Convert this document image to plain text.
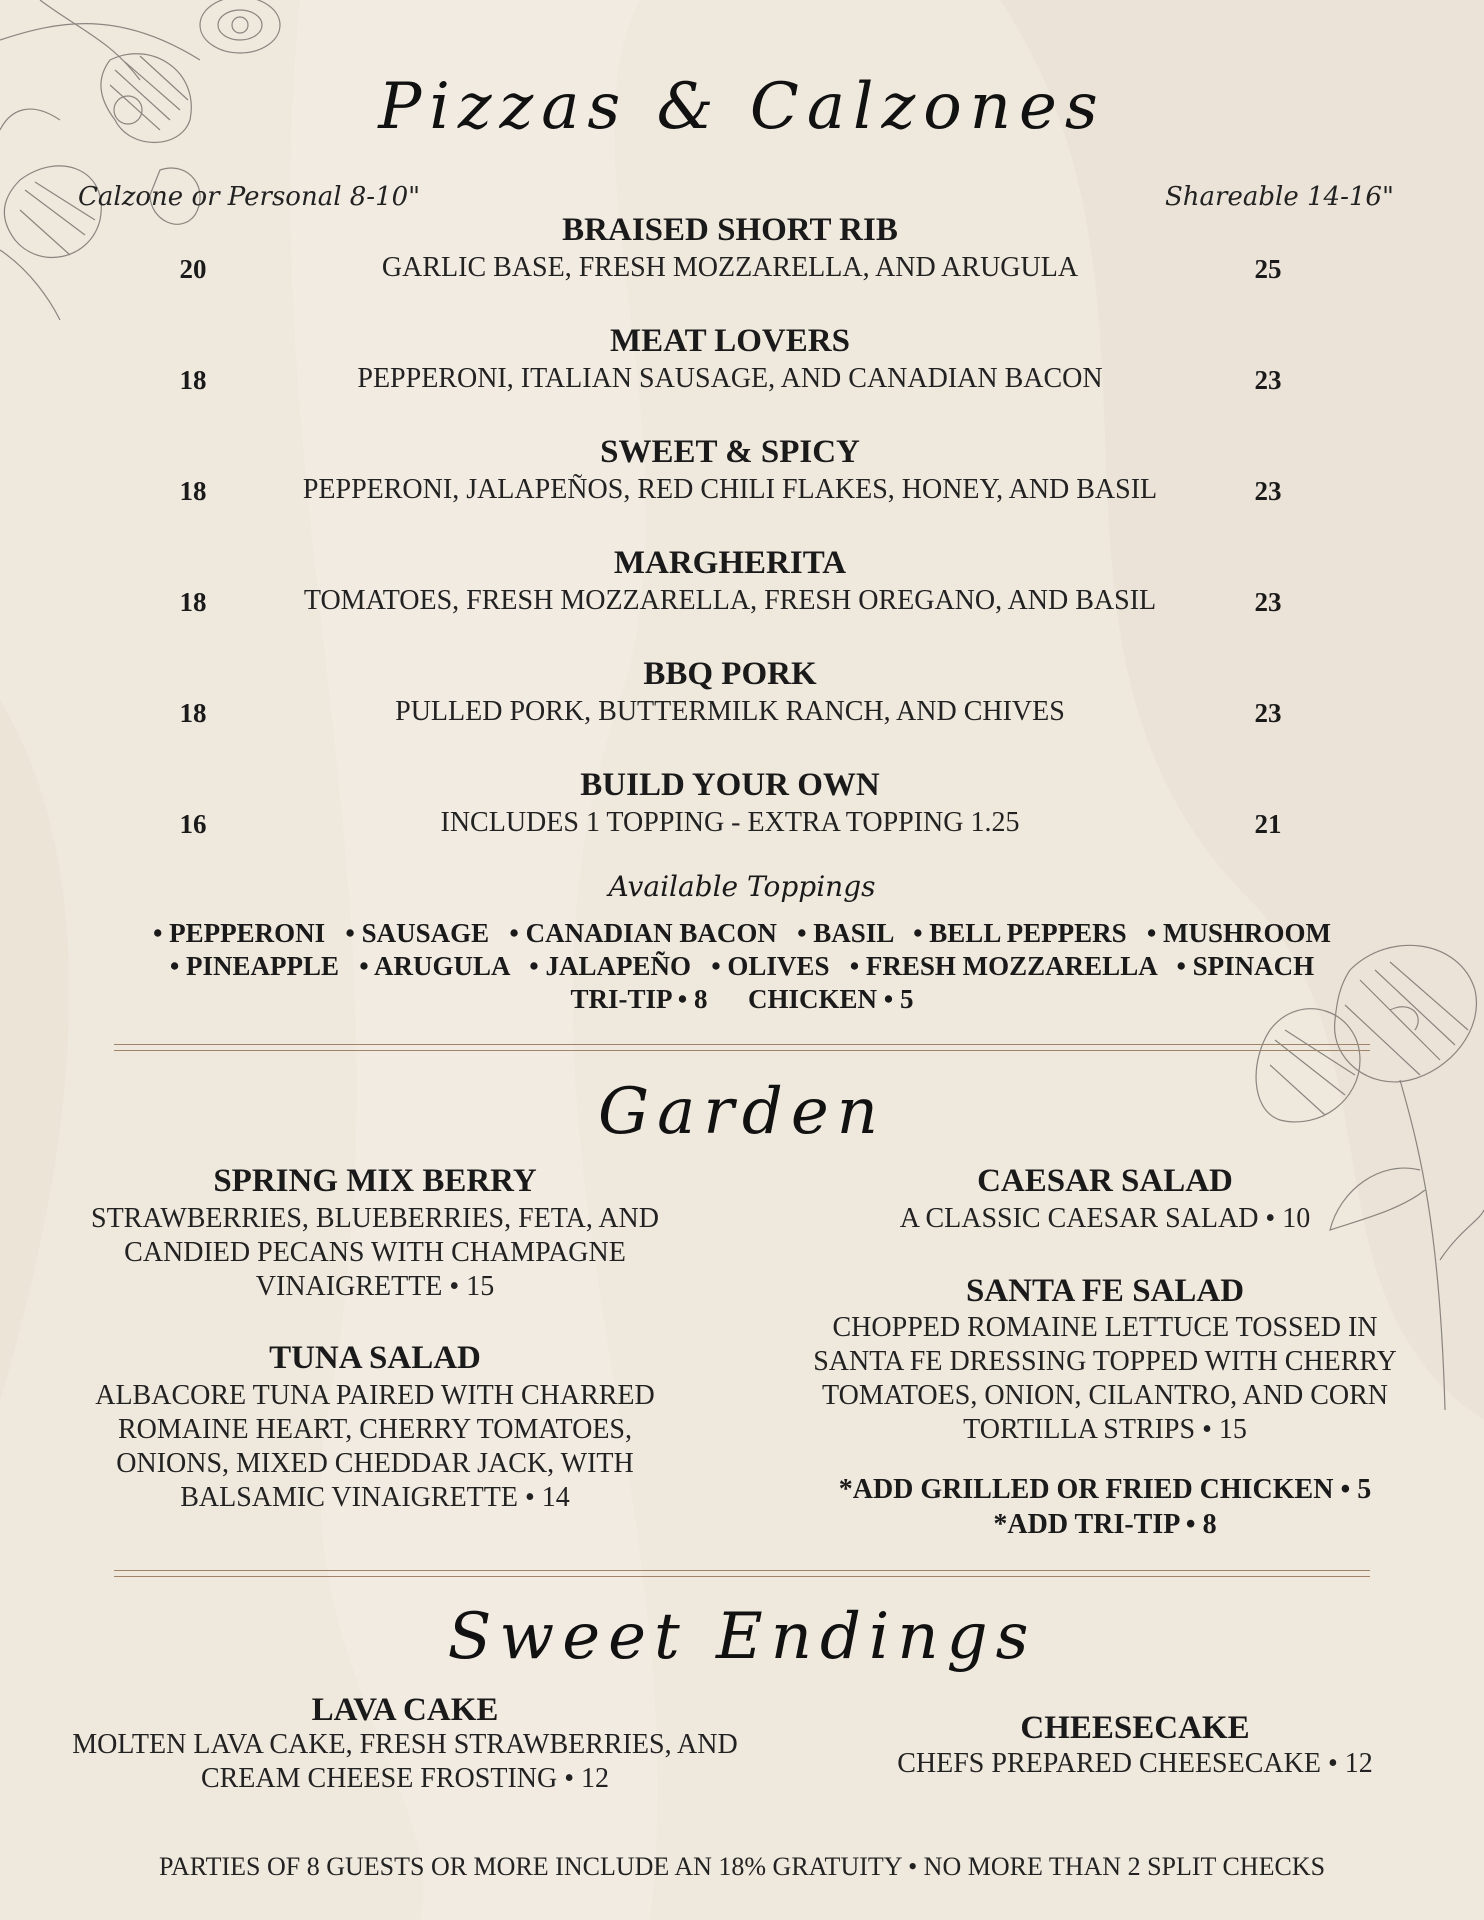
Pizzas & Calzones
Calzone or Personal 8-10"	Shareable 14-16"
BRAISED SHORT RIB
GARLIC BASE, FRESH MOZZARELLA, AND ARUGULA
20	25
MEAT LOVERS
PEPPERONI, ITALIAN SAUSAGE, AND CANADIAN BACON
18	23
SWEET & SPICY
PEPPERONI, JALAPEÑOS, RED CHILI FLAKES, HONEY, AND BASIL
18	23
MARGHERITA
TOMATOES, FRESH MOZZARELLA, FRESH OREGANO, AND BASIL
18	23
BBQ PORK
PULLED PORK, BUTTERMILK RANCH, AND CHIVES
18	23
BUILD YOUR OWN
INCLUDES 1 TOPPING - EXTRA TOPPING 1.25
16	21
Available Toppings
• PEPPERONI   • SAUSAGE   • CANADIAN BACON   • BASIL   • BELL PEPPERS   • MUSHROOM
• PINEAPPLE   • ARUGULA   • JALAPEÑO   • OLIVES   • FRESH MOZZARELLA   • SPINACH
TRI-TIP • 8      CHICKEN • 5
Garden
SPRING MIX BERRY
STRAWBERRIES, BLUEBERRIES, FETA, AND
CANDIED PECANS WITH CHAMPAGNE
VINAIGRETTE • 15
TUNA SALAD
ALBACORE TUNA PAIRED WITH CHARRED
ROMAINE HEART, CHERRY TOMATOES,
ONIONS, MIXED CHEDDAR JACK, WITH
BALSAMIC VINAIGRETTE • 14
CAESAR SALAD
A CLASSIC CAESAR SALAD • 10
SANTA FE SALAD
CHOPPED ROMAINE LETTUCE TOSSED IN
SANTA FE DRESSING TOPPED WITH CHERRY
TOMATOES, ONION, CILANTRO, AND CORN
TORTILLA STRIPS • 15
*ADD GRILLED OR FRIED CHICKEN • 5
*ADD TRI-TIP • 8
Sweet Endings
LAVA CAKE
MOLTEN LAVA CAKE, FRESH STRAWBERRIES, AND
CREAM CHEESE FROSTING • 12
CHEESECAKE
CHEFS PREPARED CHEESECAKE • 12
PARTIES OF 8 GUESTS OR MORE INCLUDE AN 18% GRATUITY • NO MORE THAN 2 SPLIT CHECKS
